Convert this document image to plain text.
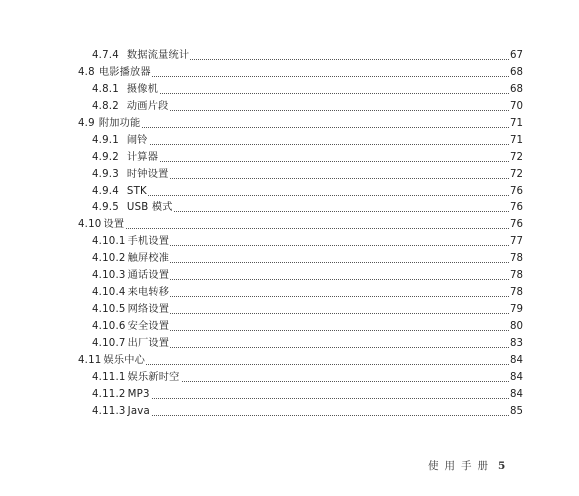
4.7.4 数据流量统计	67
4.8 电影播放器	68
4.8.1 摄像机	68
4.8.2 动画片段	70
4.9 附加功能	71
4.9.1 闹铃	71
4.9.2 计算器	72
4.9.3 时钟设置	72
4.9.4 STK	76
4.9.5 USB 模式	76
4.10 设置	76
4.10.1 手机设置	77
4.10.2 触屏校准	78
4.10.3 通话设置	78
4.10.4 来电转移	78
4.10.5 网络设置	79
4.10.6 安全设置	80
4.10.7 出厂设置	83
4.11 娱乐中心	84
4.11.1 娱乐新时空	84
4.11.2 MP3	84
4.11.3 Java	85
使用手册 5
